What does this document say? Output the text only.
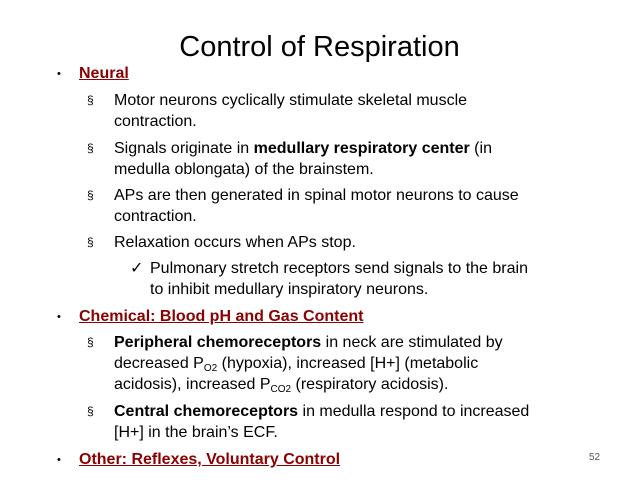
Control of Respiration
• Neural
§ Motor neurons cyclically stimulate skeletal muscle
contraction.
§ Signals originate in medullary respiratory center (in
medulla oblongata) of the brainstem.
§ APs are then generated in spinal motor neurons to cause
contraction.
§ Relaxation occurs when APs stop.
✓ Pulmonary stretch receptors send signals to the brain
to inhibit medullary inspiratory neurons.
• Chemical: Blood pH and Gas Content
§ Peripheral chemoreceptors in neck are stimulated by
decreased $P_{O2}$ (hypoxia), increased [H+] (metabolic
acidosis), increased $P_{CO2}$ (respiratory acidosis).
§ Central chemoreceptors in medulla respond to increased
[H+] in the brain’s ECF.
• Other: Reflexes, Voluntary Control	52
